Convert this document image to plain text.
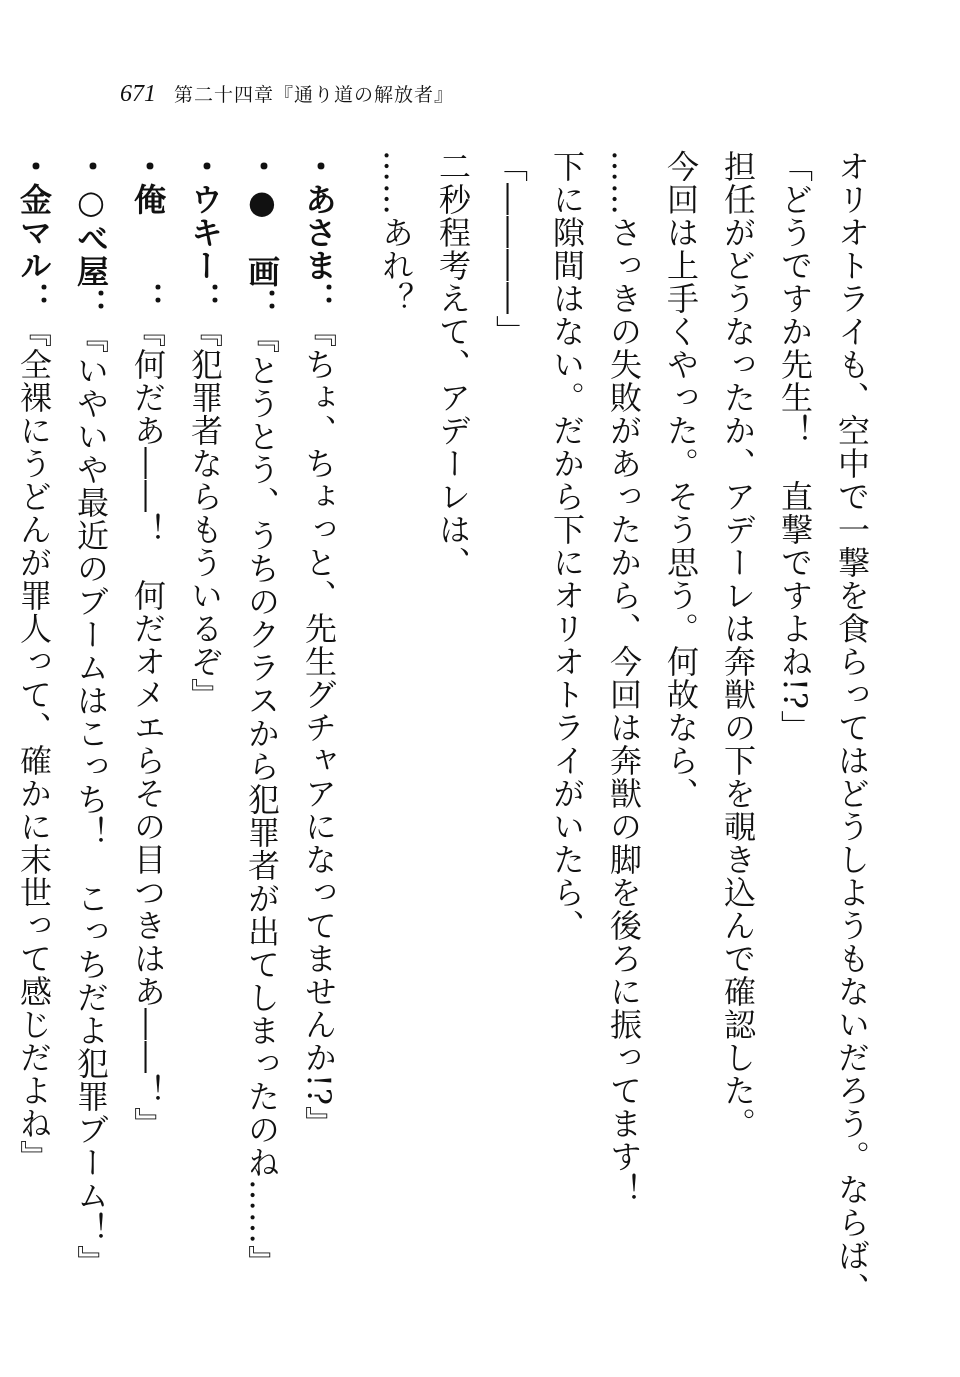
671 第二十四章『通り道の解放者』
オリオトライも、空中で一撃を食らってはどうしようもないだろう。ならば、
「どうですか先生！　直撃ですよね!?」
担任がどうなったか、アデーレは奔獣の下を覗き込んで確認した。
今回は上手くやった。そう思う。何故なら、
……さっきの失敗があったから、今回は奔獣の脚を後ろに振ってます！
下に隙間はない。だから下にオリオトライがいたら、
「――――」
二秒程考えて、アデーレは、
……あれ？
・あさま：『ちょ、ちょっと、先生グチャアになってませんか!?』
・●　画：『とうとう、うちのクラスから犯罪者が出てしまったのね……』
・ウキー：『犯罪者ならもういるぞ』
・俺　　：『何だあ――！　何だオメエらその目つきはあ――！』
・○べ屋：『いやいや最近のブームはこっち！　こっちだよ犯罪ブーム！』
・金マル：『全裸にうどんが罪人って、確かに末世って感じだよね』
